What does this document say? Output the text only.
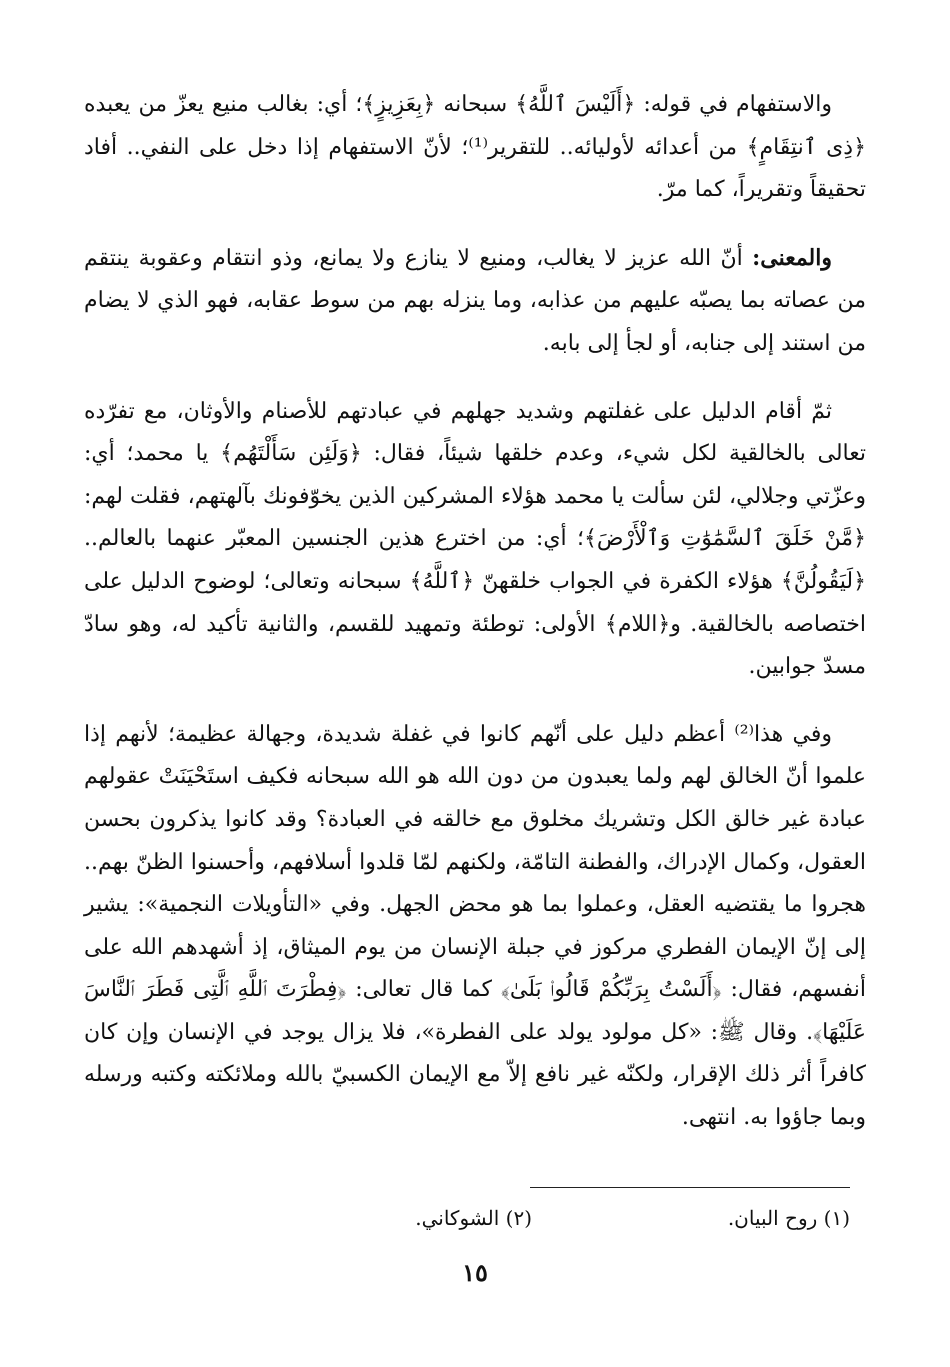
والاستفهام في قوله: ﴿أَلَيْسَ ٱللَّهُ﴾ سبحانه ﴿بِعَزِيزٍ﴾؛ أي: بغالب منيع يعزّ من يعبده ﴿ذِى ٱنتِقَامٍ﴾ من أعدائه لأوليائه.. للتقرير⁽¹⁾؛ لأنّ الاستفهام إذا دخل على النفي.. أفاد تحقيقاً وتقريراً، كما مرّ.

والمعنى: أنّ الله عزيز لا يغالب، ومنيع لا ينازع ولا يمانع، وذو انتقام وعقوبة ينتقم من عصاته بما يصبّه عليهم من عذابه، وما ينزله بهم من سوط عقابه، فهو الذي لا يضام من استند إلى جنابه، أو لجأ إلى بابه.

ثمّ أقام الدليل على غفلتهم وشديد جهلهم في عبادتهم للأصنام والأوثان، مع تفرّده تعالى بالخالقية لكل شيء، وعدم خلقها شيئاً، فقال: ﴿وَلَئِن سَأَلْتَهُم﴾ يا محمد؛ أي: وعزّتي وجلالي، لئن سألت يا محمد هؤلاء المشركين الذين يخوّفونك بآلهتهم، فقلت لهم: ﴿مَّنْ خَلَقَ ٱلسَّمَٰوَٰتِ وَٱلْأَرْضَ﴾؛ أي: من اخترع هذين الجنسين المعبّر عنهما بالعالم.. ﴿لَيَقُولُنَّ﴾ هؤلاء الكفرة في الجواب خلقهنّ ﴿ٱللَّهُ﴾ سبحانه وتعالى؛ لوضوح الدليل على اختصاصه بالخالقية. و﴿اللام﴾ الأولى: توطئة وتمهيد للقسم، والثانية تأكيد له، وهو سادّ مسدّ جوابين.

وفي هذا⁽²⁾ أعظم دليل على أنّهم كانوا في غفلة شديدة، وجهالة عظيمة؛ لأنهم إذا علموا أنّ الخالق لهم ولما يعبدون من دون الله هو الله سبحانه فكيف استَحْيَنَتْ عقولهم عبادة غير خالق الكل وتشريك مخلوق مع خالقه في العبادة؟ وقد كانوا يذكرون بحسن العقول، وكمال الإدراك، والفطنة التامّة، ولكنهم لمّا قلدوا أسلافهم، وأحسنوا الظنّ بهم.. هجروا ما يقتضيه العقل، وعملوا بما هو محض الجهل. وفي «التأويلات النجمية»: يشير إلى إنّ الإيمان الفطري مركوز في جبلة الإنسان من يوم الميثاق، إذ أشهدهم الله على أنفسهم، فقال: ﴿أَلَسْتُ بِرَبِّكُمْ قَالُوا۟ بَلَىٰ﴾ كما قال تعالى: ﴿فِطْرَتَ ٱللَّهِ ٱلَّتِى فَطَرَ ٱلنَّاسَ عَلَيْهَا﴾. وقال ﷺ: «كل مولود يولد على الفطرة»، فلا يزال يوجد في الإنسان وإن كان كافراً أثر ذلك الإقرار، ولكنّه غير نافع إلاّ مع الإيمان الكسبيّ بالله وملائكته وكتبه ورسله وبما جاؤوا به. انتهى.

(١) روح البيان.
(٢) الشوكاني.
١٥
